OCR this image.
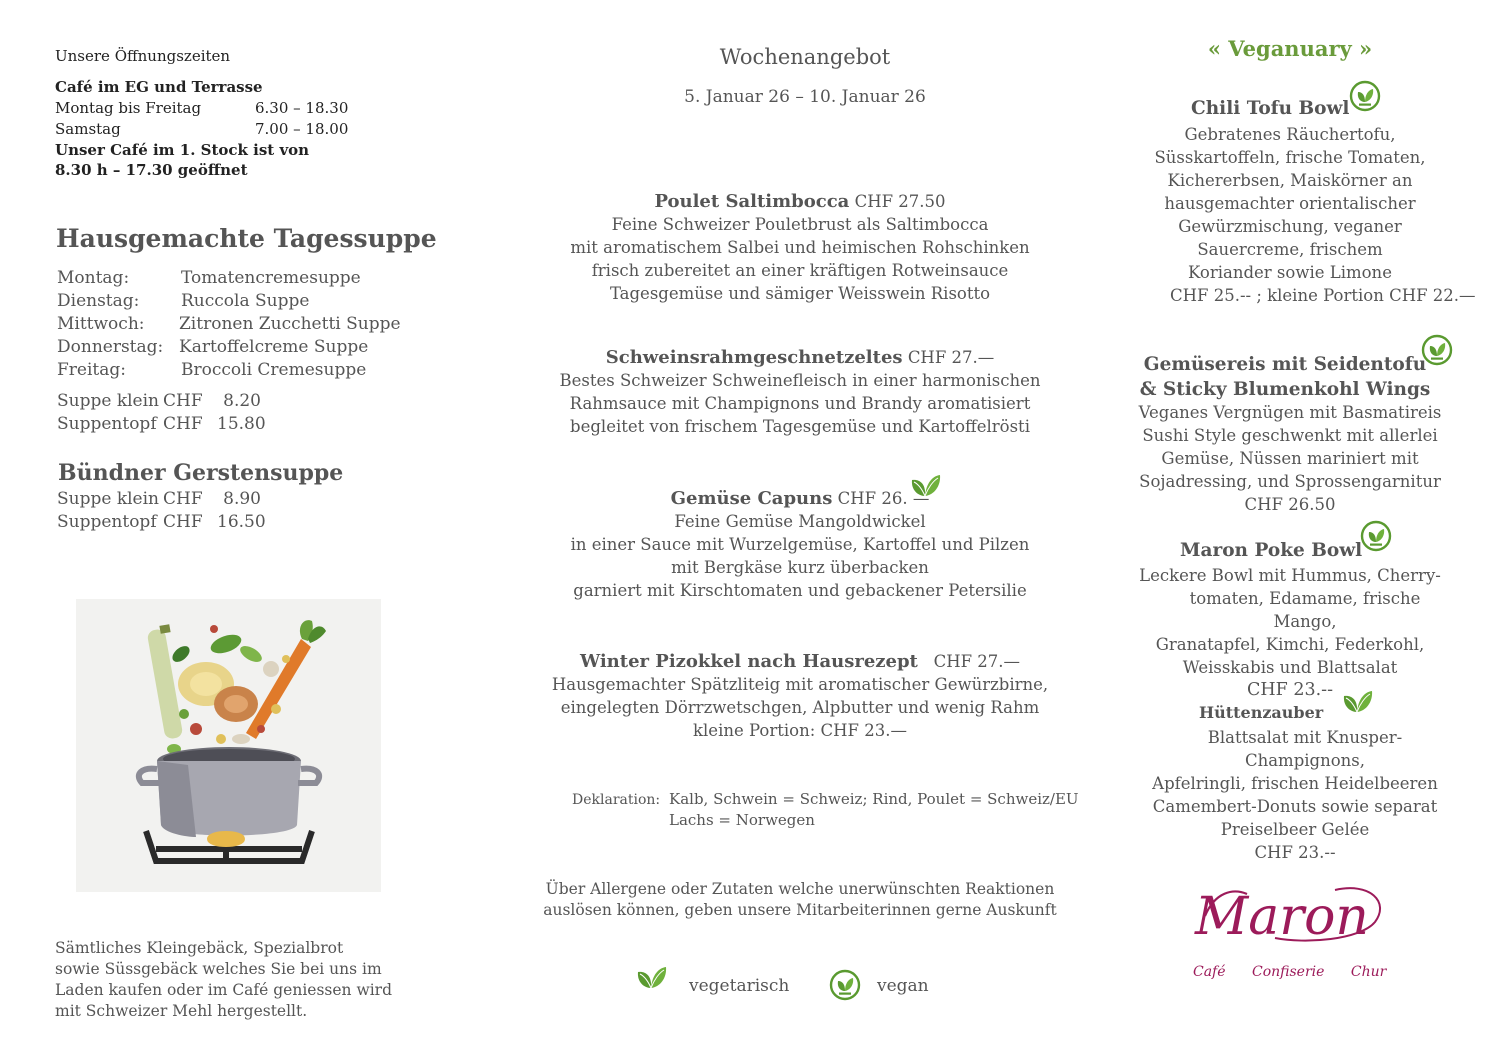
Unsere Öffnungszeiten
Café im EG und Terrasse
Montag bis Freitag	6.30 – 18.30
Samstag	7.00 – 18.00
Unser Café im 1. Stock ist von
8.30 h – 17.30 geöffnet
Hausgemachte Tagessuppe
Montag:	Tomatencremesuppe
Dienstag:	Ruccola Suppe
Mittwoch:	Zitronen Zucchetti Suppe
Donnerstag: Kartoffelcreme Suppe
Freitag:	Broccoli Cremesuppe
Suppe klein CHF	8.20
Suppentopf CHF 15.80
Bündner Gerstensuppe
Suppe klein CHF	8.90
Suppentopf CHF 16.50
Sämtliches Kleingebäck, Spezialbrot
sowie Süssgebäck welches Sie bei uns im
Laden kaufen oder im Café geniessen wird
mit Schweizer Mehl hergestellt.
Wochenangebot
5. Januar 26 – 10. Januar 26
Poulet Saltimbocca CHF 27.50
Feine Schweizer Pouletbrust als Saltimbocca
mit aromatischem Salbei und heimischen Rohschinken
frisch zubereitet an einer kräftigen Rotweinsauce
Tagesgemüse und sämiger Weisswein Risotto
Schweinsrahmgeschnetzeltes CHF 27.—
Bestes Schweizer Schweinefleisch in einer harmonischen
Rahmsauce mit Champignons und Brandy aromatisiert
begleitet von frischem Tagesgemüse und Kartoffelrösti
Gemüse Capuns CHF 26. —
Feine Gemüse Mangoldwickel
in einer Sauce mit Wurzelgemüse, Kartoffel und Pilzen
mit Bergkäse kurz überbacken
garniert mit Kirschtomaten und gebackener Petersilie
Winter Pizokkel nach Hausrezept CHF 27.—
Hausgemachter Spätzliteig mit aromatischer Gewürzbirne,
eingelegten Dörrzwetschgen, Alpbutter und wenig Rahm
kleine Portion: CHF 23.—
Deklaration: Kalb, Schwein = Schweiz; Rind, Poulet = Schweiz/EU
Lachs = Norwegen
Über Allergene oder Zutaten welche unerwünschten Reaktionen
auslösen können, geben unsere Mitarbeiterinnen gerne Auskunft
vegetarisch	vegan
« Veganuary »
Chili Tofu Bowl
Gebratenes Räuchertofu,
Süsskartoffeln, frische Tomaten,
Kichererbsen, Maiskörner an
hausgemachter orientalischer
Gewürzmischung, veganer
Sauercreme, frischem
Koriander sowie Limone
CHF 25.-- ; kleine Portion CHF 22.—
Gemüsereis mit Seidentofu
& Sticky Blumenkohl Wings
Veganes Vergnügen mit Basmatireis
Sushi Style geschwenkt mit allerlei
Gemüse, Nüssen mariniert mit
Sojadressing, und Sprossengarnitur
CHF 26.50
Maron Poke Bowl
Leckere Bowl mit Hummus, Cherry-
tomaten, Edamame, frische Mango,
Granatapfel, Kimchi, Federkohl,
Weisskabis und Blattsalat
CHF 23.--
Hüttenzauber
Blattsalat mit Knusper-Champignons,
Apfelringli, frischen Heidelbeeren
Camembert-Donuts sowie separat
Preiselbeer Gelée
CHF 23.--
Maron
Café Confiserie Chur
